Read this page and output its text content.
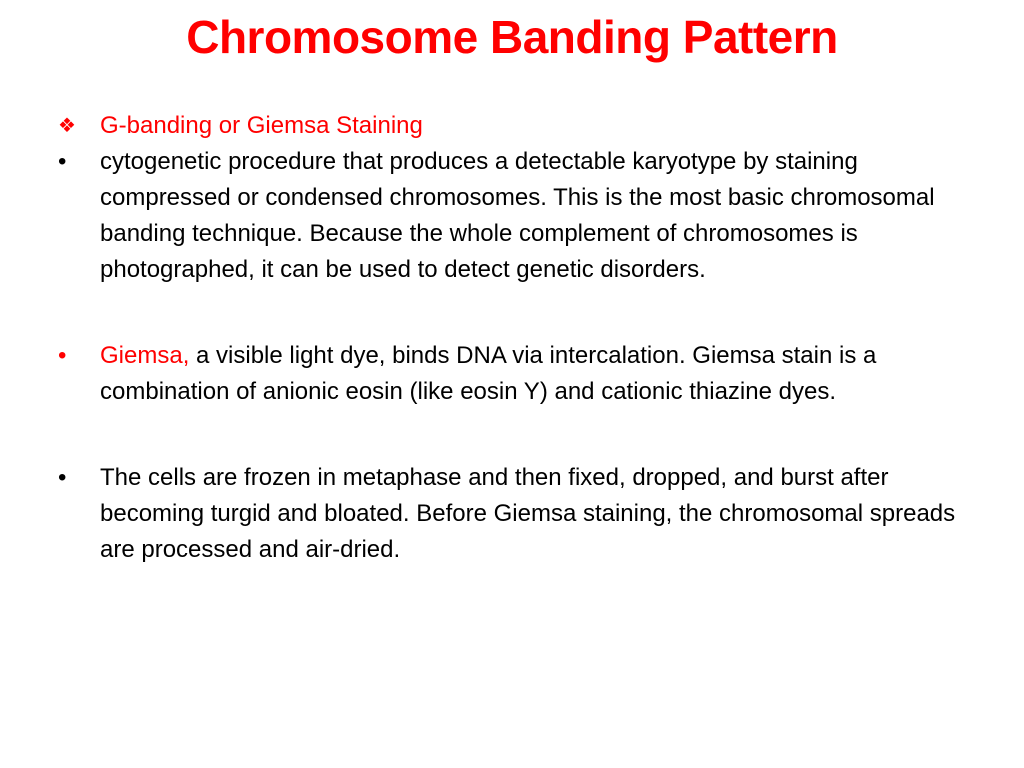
Chromosome Banding Pattern
❖	G-banding or Giemsa Staining
•	cytogenetic procedure that produces a detectable karyotype by staining compressed or condensed chromosomes. This is the most basic chromosomal banding technique. Because the whole complement of chromosomes is photographed, it can be used to detect genetic disorders.
•	Giemsa, a visible light dye, binds DNA via intercalation. Giemsa stain is a combination of anionic eosin (like eosin Y) and cationic thiazine dyes.
•	The cells are frozen in metaphase and then fixed, dropped, and burst after becoming turgid and bloated. Before Giemsa staining, the chromosomal spreads are processed and air-dried.
